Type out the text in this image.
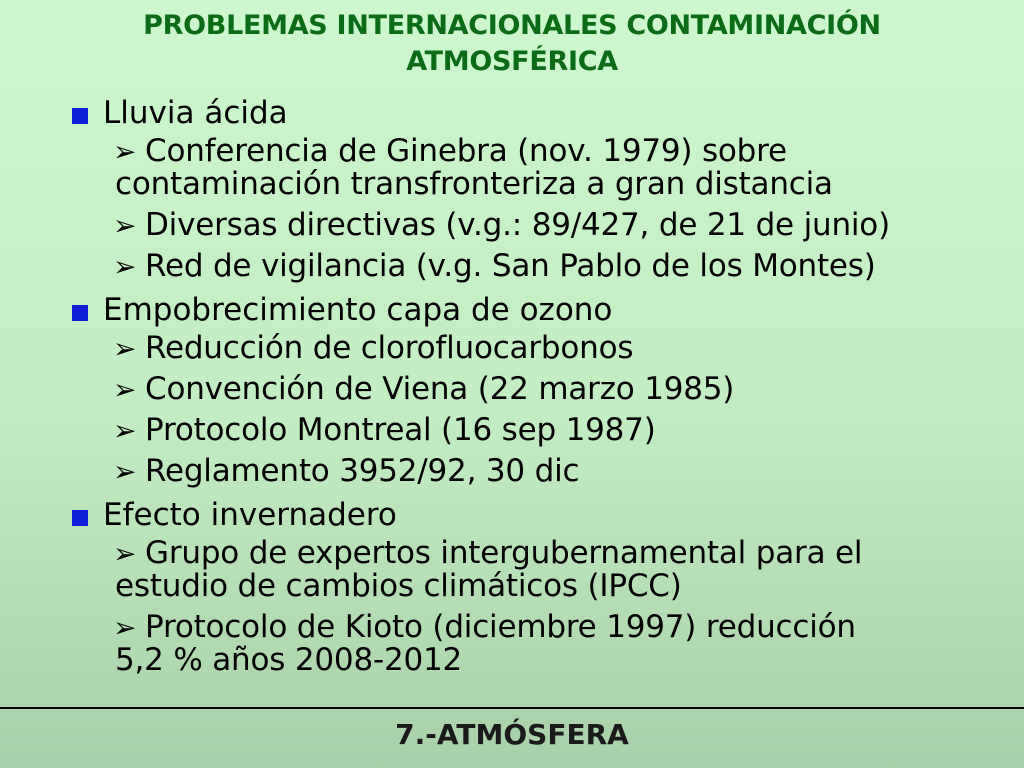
PROBLEMAS INTERNACIONALES CONTAMINACIÓN
ATMOSFÉRICA
Lluvia ácida
➢ Conferencia de Ginebra (nov. 1979) sobre
contaminación transfronteriza a gran distancia
➢ Diversas directivas (v.g.: 89/427, de 21 de junio)
➢ Red de vigilancia (v.g. San Pablo de los Montes)
Empobrecimiento capa de ozono
➢ Reducción de clorofluocarbonos
➢ Convención de Viena (22 marzo 1985)
➢ Protocolo Montreal (16 sep 1987)
➢ Reglamento 3952/92, 30 dic
Efecto invernadero
➢ Grupo de expertos intergubernamental para el
estudio de cambios climáticos (IPCC)
➢ Protocolo de Kioto (diciembre 1997) reducción
5,2 % años 2008-2012
7.-ATMÓSFERA
